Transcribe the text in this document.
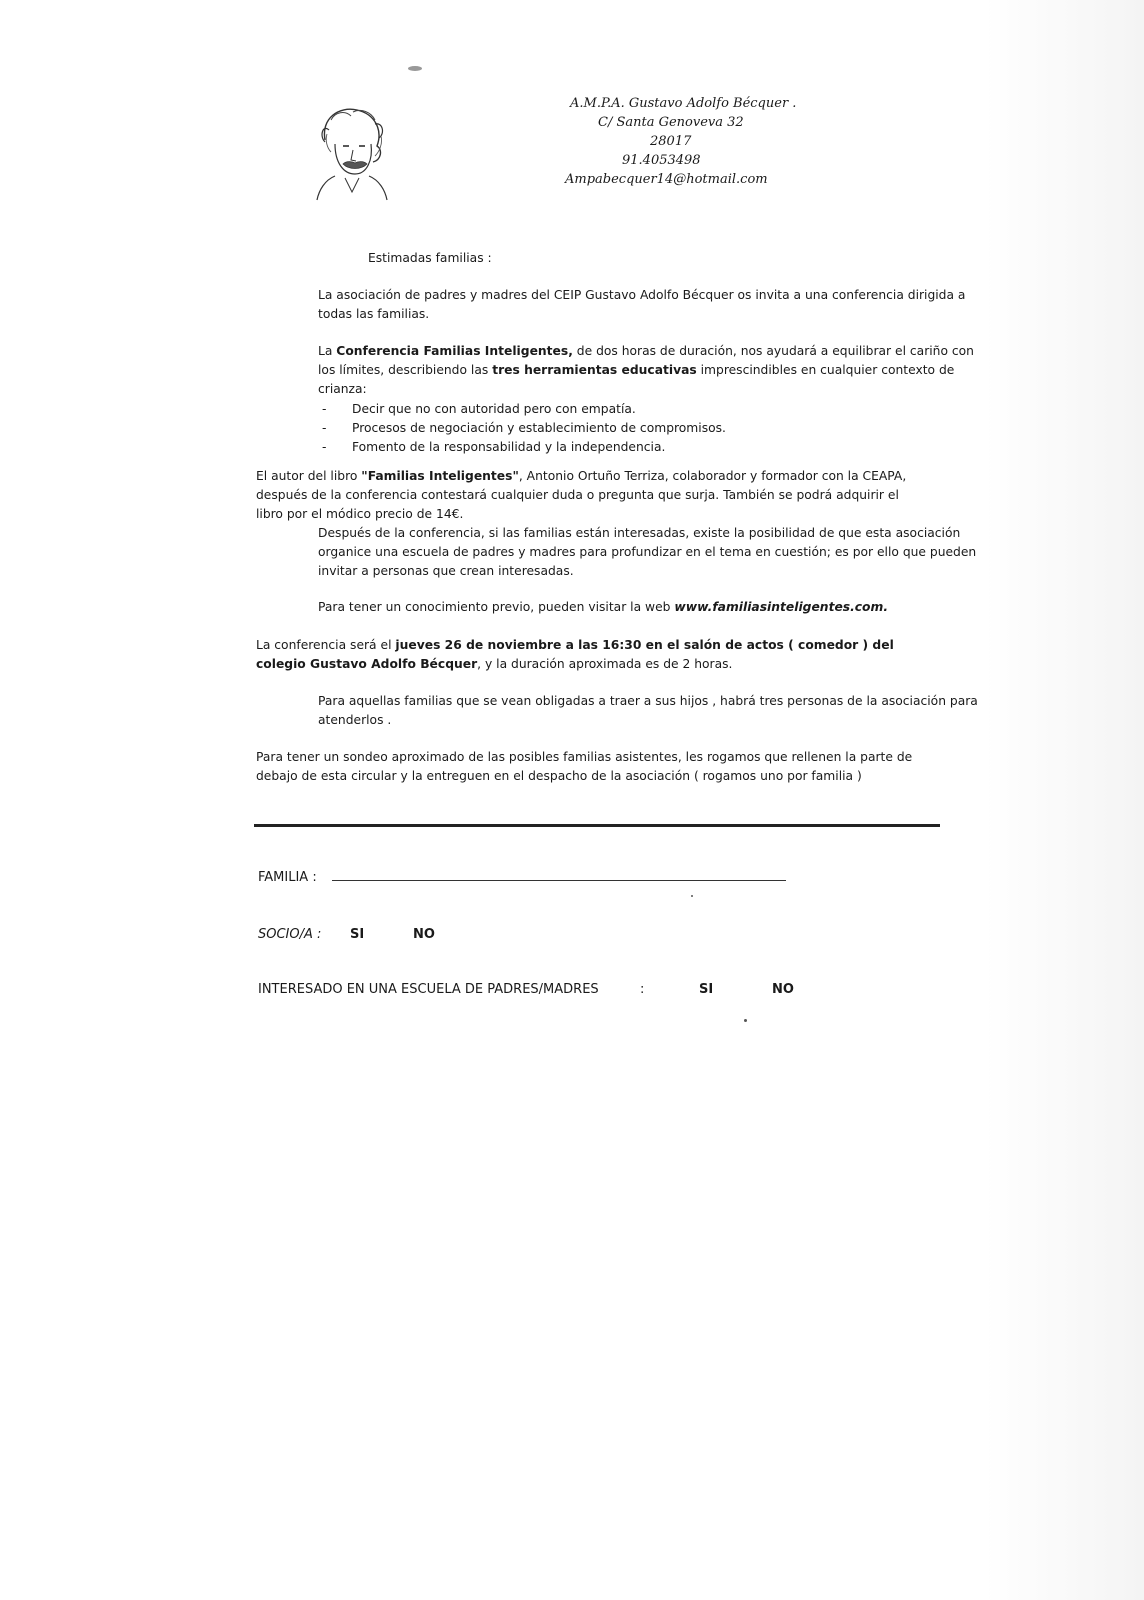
A.M.P.A. Gustavo Adolfo Bécquer .
C/ Santa Genoveva 32
28017
91.4053498
Ampabecquer14@hotmail.com
Estimadas familias :
La asociación de padres y madres del CEIP Gustavo Adolfo Bécquer os invita a una conferencia dirigida a todas las familias.
La Conferencia Familias Inteligentes, de dos horas de duración, nos ayudará a equilibrar el cariño con los límites, describiendo las tres herramientas educativas imprescindibles en cualquier contexto de crianza:
- Decir que no con autoridad pero con empatía.
- Procesos de negociación y establecimiento de compromisos.
- Fomento de la responsabilidad y la independencia.
El autor del libro "Familias Inteligentes", Antonio Ortuño Terriza, colaborador y formador con la CEAPA, después de la conferencia contestará cualquier duda o pregunta que surja. También se podrá adquirir el libro por el módico precio de 14€.
Después de la conferencia, si las familias están interesadas, existe la posibilidad de que esta asociación organice una escuela de padres y madres para profundizar en el tema en cuestión; es por ello que pueden invitar a personas que crean interesadas.
Para tener un conocimiento previo, pueden visitar la web www.familiasinteligentes.com.
La conferencia será el jueves 26 de noviembre a las 16:30 en el salón de actos ( comedor ) del colegio Gustavo Adolfo Bécquer, y la duración aproximada es de 2 horas.
Para aquellas familias que se vean obligadas a traer a sus hijos , habrá tres personas de la asociación para atenderlos .
Para tener un sondeo aproximado de las posibles familias asistentes, les rogamos que rellenen la parte de debajo de esta circular y la entreguen en el despacho de la asociación ( rogamos uno por familia )
FAMILIA :
SOCIO/A : SI	NO
INTERESADO EN UNA ESCUELA DE PADRES/MADRES	:	SI	NO
